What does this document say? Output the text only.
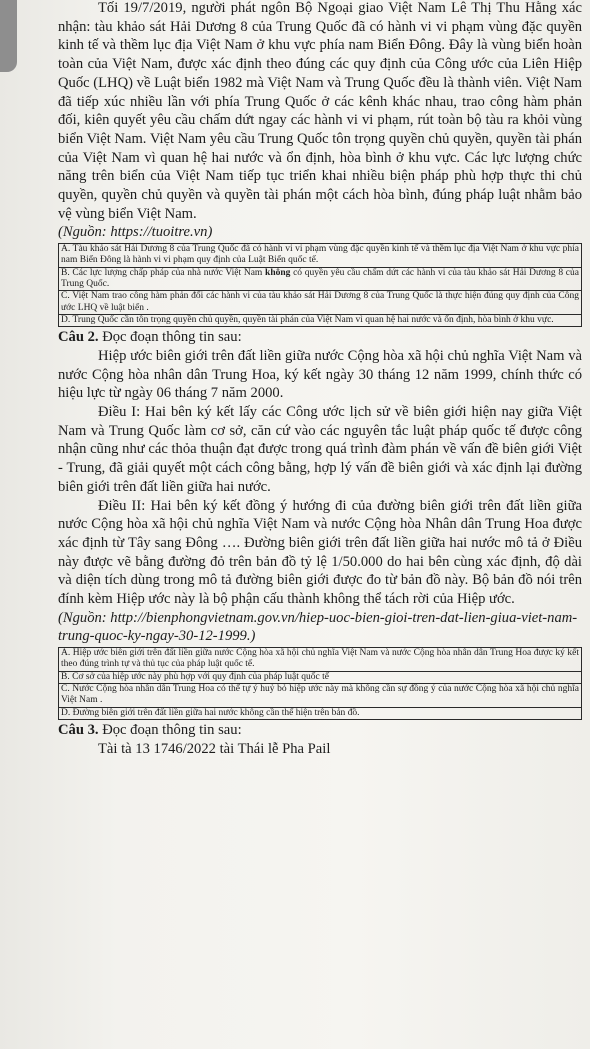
Tối 19/7/2019, người phát ngôn Bộ Ngoại giao Việt Nam Lê Thị Thu Hằng xác nhận: tàu khảo sát Hải Dương 8 của Trung Quốc đã có hành vi vi phạm vùng đặc quyền kinh tế và thềm lục địa Việt Nam ở khu vực phía nam Biển Đông. Đây là vùng biển hoàn toàn của Việt Nam, được xác định theo đúng các quy định của Công ước của Liên Hiệp Quốc (LHQ) về Luật biển 1982 mà Việt Nam và Trung Quốc đều là thành viên. Việt Nam đã tiếp xúc nhiều lần với phía Trung Quốc ở các kênh khác nhau, trao công hàm phản đối, kiên quyết yêu cầu chấm dứt ngay các hành vi vi phạm, rút toàn bộ tàu ra khỏi vùng biển Việt Nam. Việt Nam yêu cầu Trung Quốc tôn trọng quyền chủ quyền, quyền tài phán của Việt Nam vì quan hệ hai nước và ổn định, hòa bình ở khu vực. Các lực lượng chức năng trên biển của Việt Nam tiếp tục triển khai nhiều biện pháp phù hợp thực thi chủ quyền, quyền chủ quyền và quyền tài phán một cách hòa bình, đúng pháp luật nhằm bảo vệ vùng biển Việt Nam.

(Nguồn: https://tuoitre.vn)

A. Tàu khảo sát Hải Dương 8 của Trung Quốc đã có hành vi vi phạm vùng đặc quyền kinh tế và thềm lục địa Việt Nam ở khu vực phía nam Biển Đông là hành vi vi phạm quy định của Luật Biển quốc tế.
B. Các lực lượng chấp pháp của nhà nước Việt Nam không có quyền yêu cầu chấm dứt các hành vi của tàu khảo sát Hải Dương 8 của Trung Quốc.
C. Việt Nam trao công hàm phản đối các hành vi của tàu khảo sát Hải Dương 8 của Trung Quốc là thực hiện đúng quy định của Công ước LHQ về luật biển .
D. Trung Quốc cần tôn trọng quyền chủ quyền, quyền tài phán của Việt Nam vì quan hệ hai nước và ổn định, hòa bình ở khu vực.

Câu 2. Đọc đoạn thông tin sau:

Hiệp ước biên giới trên đất liền giữa nước Cộng hòa xã hội chủ nghĩa Việt Nam và nước Cộng hòa nhân dân Trung Hoa, ký kết ngày 30 tháng 12 năm 1999, chính thức có hiệu lực từ ngày 06 tháng 7 năm 2000.

Điều I: Hai bên ký kết lấy các Công ước lịch sử về biên giới hiện nay giữa Việt Nam và Trung Quốc làm cơ sở, căn cứ vào các nguyên tắc luật pháp quốc tế được công nhận cũng như các thỏa thuận đạt được trong quá trình đàm phán về vấn đề biên giới Việt - Trung, đã giải quyết một cách công bằng, hợp lý vấn đề biên giới và xác định lại đường biên giới trên đất liền giữa hai nước.

Điều II: Hai bên ký kết đồng ý hướng đi của đường biên giới trên đất liền giữa nước Cộng hòa xã hội chủ nghĩa Việt Nam và nước Cộng hòa Nhân dân Trung Hoa được xác định từ Tây sang Đông …. Đường biên giới trên đất liền giữa hai nước mô tả ở Điều này được vẽ bằng đường đỏ trên bản đồ tỷ lệ 1/50.000 do hai bên cùng xác định, độ dài và diện tích dùng trong mô tả đường biên giới được đo từ bản đồ này. Bộ bản đồ nói trên đính kèm Hiệp ước này là bộ phận cấu thành không thể tách rời của Hiệp ước.

(Nguồn: http://bienphongvietnam.gov.vn/hiep-uoc-bien-gioi-tren-dat-lien-giua-viet-nam-trung-quoc-ky-ngay-30-12-1999.)

A. Hiệp ước biên giới trên đất liền giữa nước Cộng hòa xã hội chủ nghĩa Việt Nam và nước Cộng hòa nhân dân Trung Hoa được ký kết theo đúng trình tự và thủ tục của pháp luật quốc tế.
B. Cơ sở của hiệp ước này phù hợp với quy định của pháp luật quốc tế
C. Nước Cộng hòa nhân dân Trung Hoa có thể tự ý huỷ bỏ hiệp ước này mà không cần sự đồng ý của nước Cộng hòa xã hội chủ nghĩa Việt Nam .
D. Đường biên giới trên đất liền giữa hai nước không cần thể hiện trên bản đồ.

Câu 3. Đọc đoạn thông tin sau:

Tài tà 13 1746/2022 tài Thái lễ Pha Pail
